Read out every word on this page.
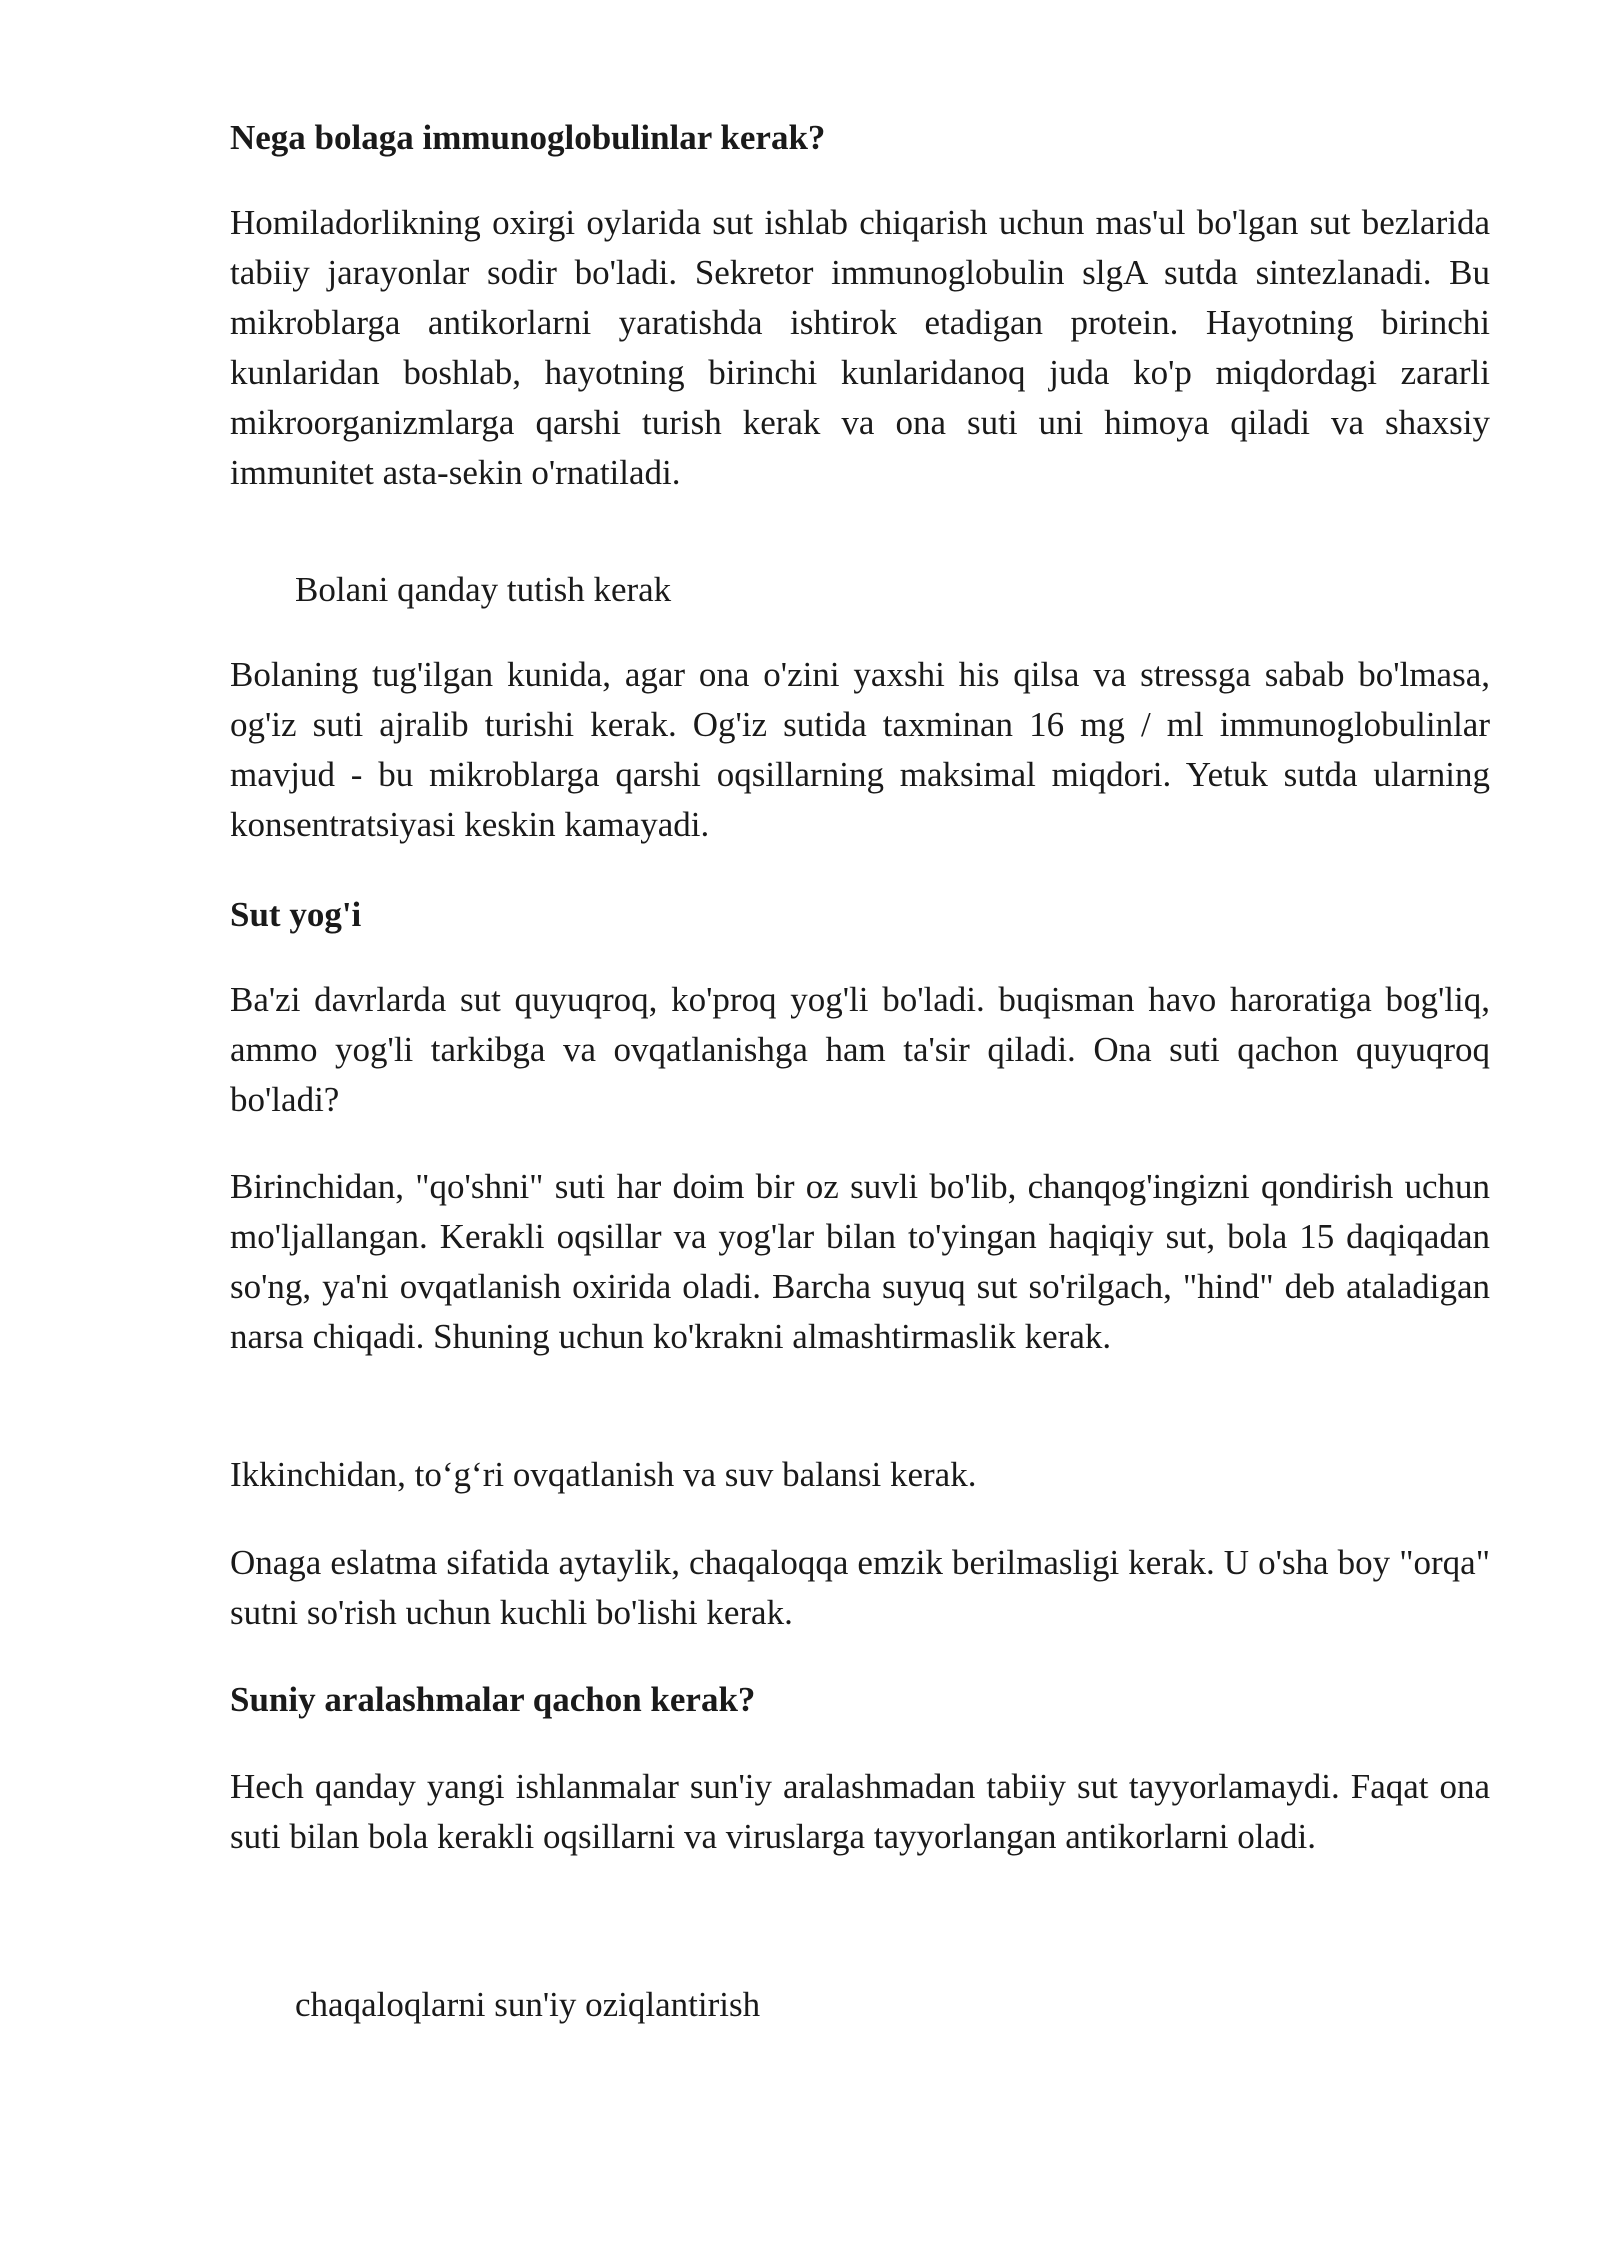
Nega bolaga immunoglobulinlar kerak?

Homiladorlikning oxirgi oylarida sut ishlab chiqarish uchun mas'ul bo'lgan sut bezlarida tabiiy jarayonlar sodir bo'ladi. Sekretor immunoglobulin slgA sutda sintezlanadi. Bu mikroblarga antikorlarni yaratishda ishtirok etadigan protein. Hayotning birinchi kunlaridan boshlab, hayotning birinchi kunlaridanoq juda ko'p miqdordagi zararli mikroorganizmlarga qarshi turish kerak va ona suti uni himoya qiladi va shaxsiy immunitet asta-sekin o'rnatiladi.

Bolani qanday tutish kerak

Bolaning tug'ilgan kunida, agar ona o'zini yaxshi his qilsa va stressga sabab bo'lmasa, og'iz suti ajralib turishi kerak. Og'iz sutida taxminan 16 mg / ml immunoglobulinlar mavjud - bu mikroblarga qarshi oqsillarning maksimal miqdori. Yetuk sutda ularning konsentratsiyasi keskin kamayadi.

Sut yog'i

Ba'zi davrlarda sut quyuqroq, ko'proq yog'li bo'ladi. buqisman havo haroratiga bog'liq, ammo yog'li tarkibga va ovqatlanishga ham ta'sir qiladi. Ona suti qachon quyuqroq bo'ladi?

Birinchidan, "qo'shni" suti har doim bir oz suvli bo'lib, chanqog'ingizni qondirish uchun mo'ljallangan. Kerakli oqsillar va yog'lar bilan to'yingan haqiqiy sut, bola 15 daqiqadan so'ng, ya'ni ovqatlanish oxirida oladi. Barcha suyuq sut so'rilgach, "hind" deb ataladigan narsa chiqadi. Shuning uchun ko'krakni almashtirmaslik kerak.

Ikkinchidan, to‘g‘ri ovqatlanish va suv balansi kerak.

Onaga eslatma sifatida aytaylik, chaqaloqqa emzik berilmasligi kerak. U o'sha boy "orqa" sutni so'rish uchun kuchli bo'lishi kerak.

Suniy aralashmalar qachon kerak?

Hech qanday yangi ishlanmalar sun'iy aralashmadan tabiiy sut tayyorlamaydi. Faqat ona suti bilan bola kerakli oqsillarni va viruslarga tayyorlangan antikorlarni oladi.

chaqaloqlarni sun'iy oziqlantirish
